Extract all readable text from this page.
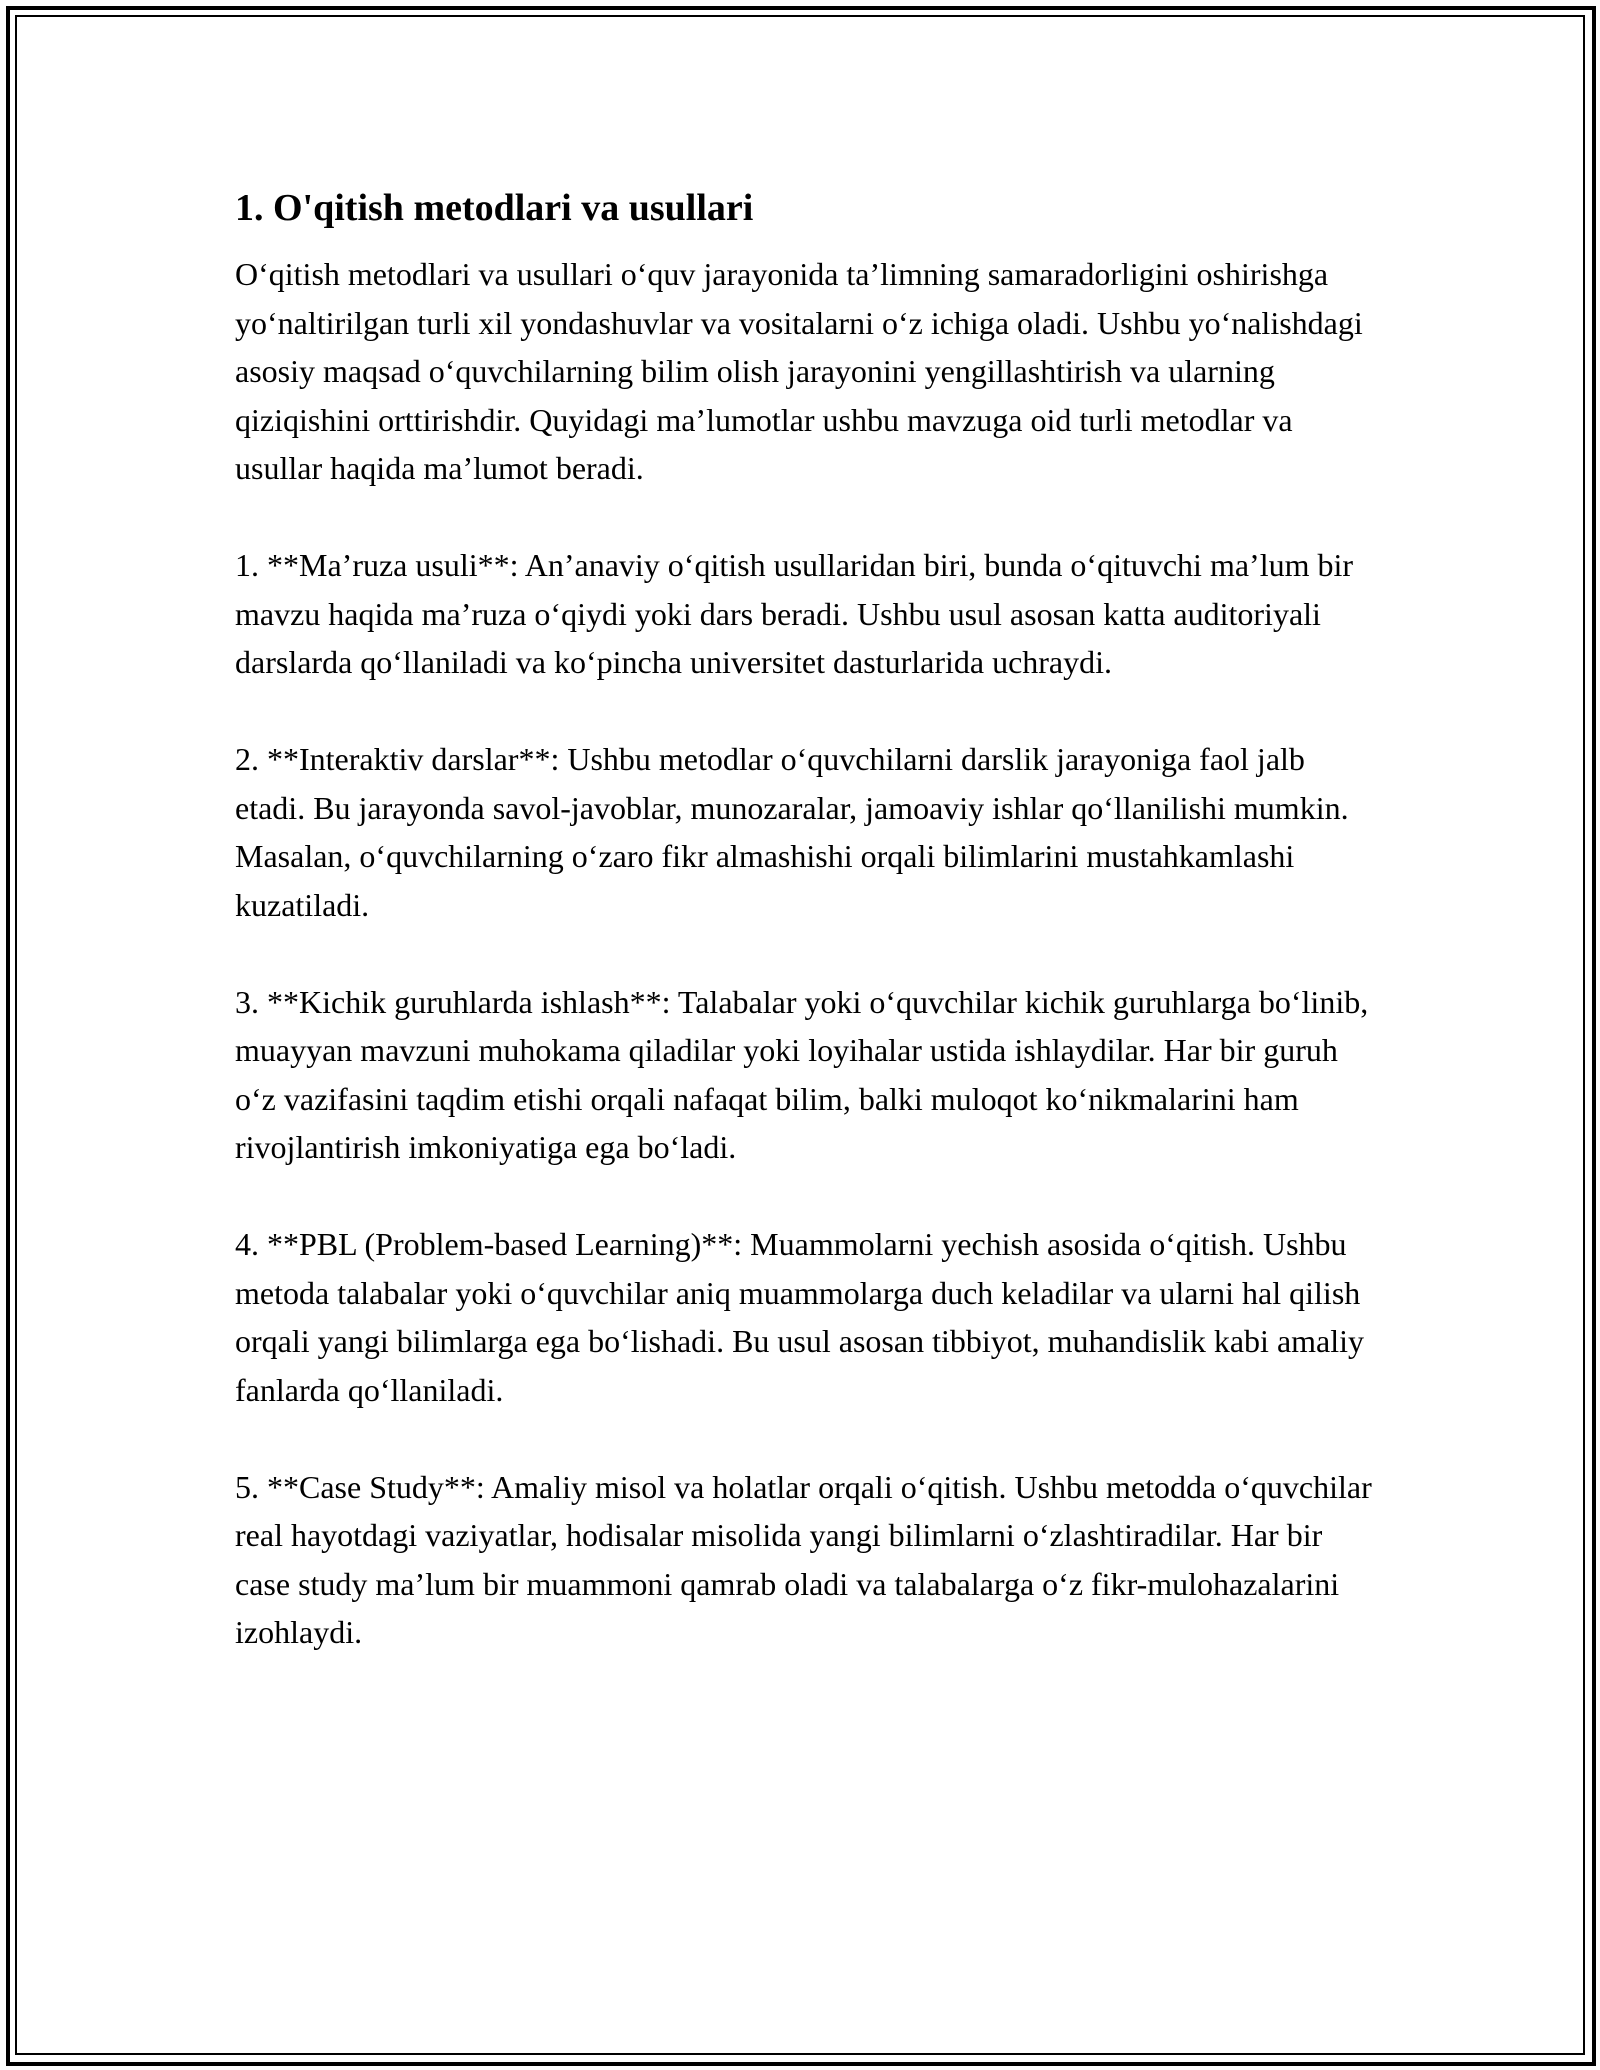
1. O'qitish metodlari va usullari

O‘qitish metodlari va usullari o‘quv jarayonida ta’limning samaradorligini oshirishga yo‘naltirilgan turli xil yondashuvlar va vositalarni o‘z ichiga oladi. Ushbu yo‘nalishdagi asosiy maqsad o‘quvchilarning bilim olish jarayonini yengillashtirish va ularning qiziqishini orttirishdir. Quyidagi ma’lumotlar ushbu mavzuga oid turli metodlar va usullar haqida ma’lumot beradi.

1. **Ma’ruza usuli**: An’anaviy o‘qitish usullaridan biri, bunda o‘qituvchi ma’lum bir mavzu haqida ma’ruza o‘qiydi yoki dars beradi. Ushbu usul asosan katta auditoriyali darslarda qo‘llaniladi va ko‘pincha universitet dasturlarida uchraydi.

2. **Interaktiv darslar**: Ushbu metodlar o‘quvchilarni darslik jarayoniga faol jalb etadi. Bu jarayonda savol-javoblar, munozaralar, jamoaviy ishlar qo‘llanilishi mumkin. Masalan, o‘quvchilarning o‘zaro fikr almashishi orqali bilimlarini mustahkamlashi kuzatiladi.

3. **Kichik guruhlarda ishlash**: Talabalar yoki o‘quvchilar kichik guruhlarga bo‘linib, muayyan mavzuni muhokama qiladilar yoki loyihalar ustida ishlaydilar. Har bir guruh o‘z vazifasini taqdim etishi orqali nafaqat bilim, balki muloqot ko‘nikmalarini ham rivojlantirish imkoniyatiga ega bo‘ladi.

4. **PBL (Problem-based Learning)**: Muammolarni yechish asosida o‘qitish. Ushbu metoda talabalar yoki o‘quvchilar aniq muammolarga duch keladilar va ularni hal qilish orqali yangi bilimlarga ega bo‘lishadi. Bu usul asosan tibbiyot, muhandislik kabi amaliy fanlarda qo‘llaniladi.

5. **Case Study**: Amaliy misol va holatlar orqali o‘qitish. Ushbu metodda o‘quvchilar real hayotdagi vaziyatlar, hodisalar misolida yangi bilimlarni o‘zlashtiradilar. Har bir case study ma’lum bir muammoni qamrab oladi va talabalarga o‘z fikr-mulohazalarini izohlaydi.
